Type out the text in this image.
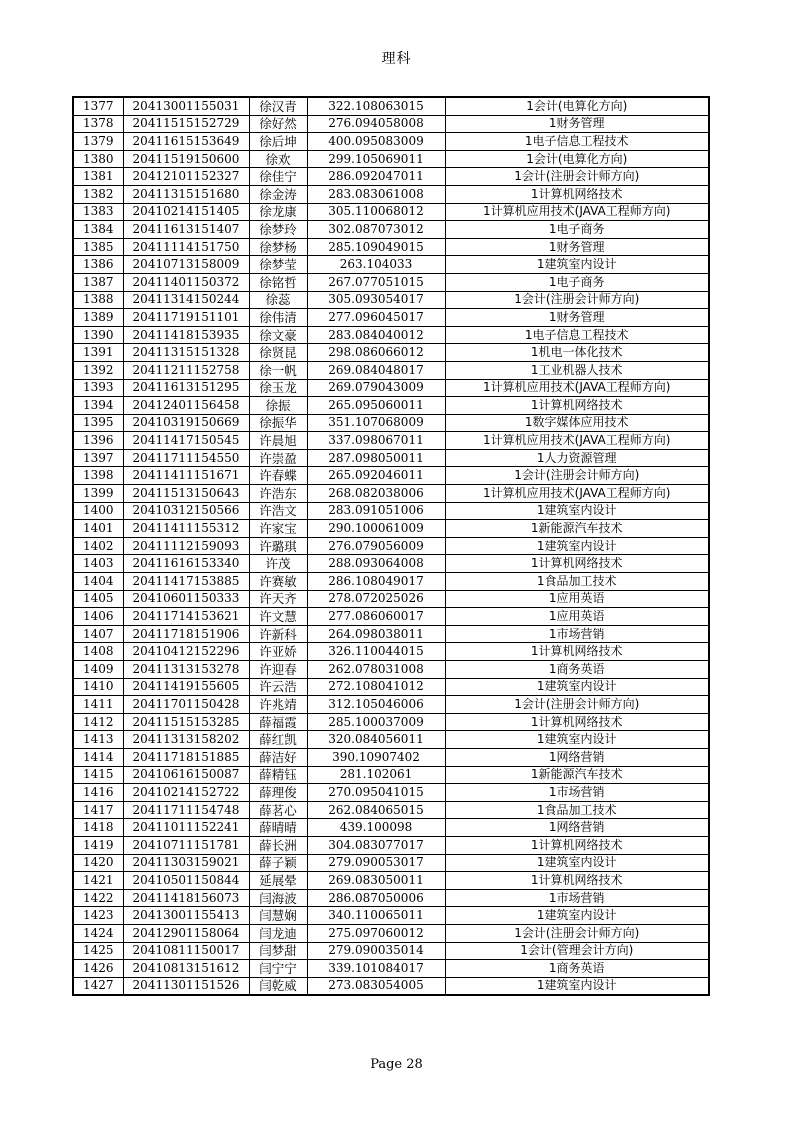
理科
1377	20413001155031	徐汉青	322.108063015	1会计(电算化方向)
1378	20411515152729	徐好然	276.094058008	1财务管理
1379	20411615153649	徐后坤	400.095083009	1电子信息工程技术
1380	20411519150600	徐欢	299.105069011	1会计(电算化方向)
1381	20412101152327	徐佳宁	286.092047011	1会计(注册会计师方向)
1382	20411315151680	徐金涛	283.083061008	1计算机网络技术
1383	20410214151405	徐龙康	305.110068012	1计算机应用技术(JAVA工程师方向)
1384	20411613151407	徐梦玲	302.087073012	1电子商务
1385	20411114151750	徐梦杨	285.109049015	1财务管理
1386	20410713158009	徐梦莹	263.104033	1建筑室内设计
1387	20411401150372	徐铭哲	267.077051015	1电子商务
1388	20411314150244	徐蕊	305.093054017	1会计(注册会计师方向)
1389	20411719151101	徐伟清	277.096045017	1财务管理
1390	20411418153935	徐文豪	283.084040012	1电子信息工程技术
1391	20411315151328	徐贤昆	298.086066012	1机电一体化技术
1392	20411211152758	徐一帆	269.084048017	1工业机器人技术
1393	20411613151295	徐玉龙	269.079043009	1计算机应用技术(JAVA工程师方向)
1394	20412401156458	徐振	265.095060011	1计算机网络技术
1395	20410319150669	徐振华	351.107068009	1数字媒体应用技术
1396	20411417150545	许晨旭	337.098067011	1计算机应用技术(JAVA工程师方向)
1397	20411711154550	许崇盈	287.098050011	1人力资源管理
1398	20411411151671	许春蝶	265.092046011	1会计(注册会计师方向)
1399	20411513150643	许浩东	268.082038006	1计算机应用技术(JAVA工程师方向)
1400	20410312150566	许浩文	283.091051006	1建筑室内设计
1401	20411411155312	许家宝	290.100061009	1新能源汽车技术
1402	20411112159093	许璐琪	276.079056009	1建筑室内设计
1403	20411616153340	许茂	288.093064008	1计算机网络技术
1404	20411417153885	许赛敏	286.108049017	1食品加工技术
1405	20410601150333	许天齐	278.072025026	1应用英语
1406	20411714153621	许文慧	277.086060017	1应用英语
1407	20411718151906	许新科	264.098038011	1市场营销
1408	20410412152296	许亚娇	326.110044015	1计算机网络技术
1409	20411313153278	许迎春	262.078031008	1商务英语
1410	20411419155605	许云浩	272.108041012	1建筑室内设计
1411	20411701150428	许兆靖	312.105046006	1会计(注册会计师方向)
1412	20411515153285	薛福霞	285.100037009	1计算机网络技术
1413	20411313158202	薛红凯	320.084056011	1建筑室内设计
1414	20411718151885	薛洁好	390.10907402	1网络营销
1415	20410616150087	薛精钰	281.102061	1新能源汽车技术
1416	20410214152722	薛理俊	270.095041015	1市场营销
1417	20411711154748	薛茗心	262.084065015	1食品加工技术
1418	20411011152241	薛晴晴	439.100098	1网络营销
1419	20410711151781	薛长洲	304.083077017	1计算机网络技术
1420	20411303159021	薛子颖	279.090053017	1建筑室内设计
1421	20410501150844	延展晕	269.083050011	1计算机网络技术
1422	20411418156073	闫海波	286.087050006	1市场营销
1423	20413001155413	闫慧娴	340.110065011	1建筑室内设计
1424	20412901158064	闫龙迪	275.097060012	1会计(注册会计师方向)
1425	20410811150017	闫梦甜	279.090035014	1会计(管理会计方向)
1426	20410813151612	闫宁宁	339.101084017	1商务英语
1427	20411301151526	闫乾威	273.083054005	1建筑室内设计
Page 28
